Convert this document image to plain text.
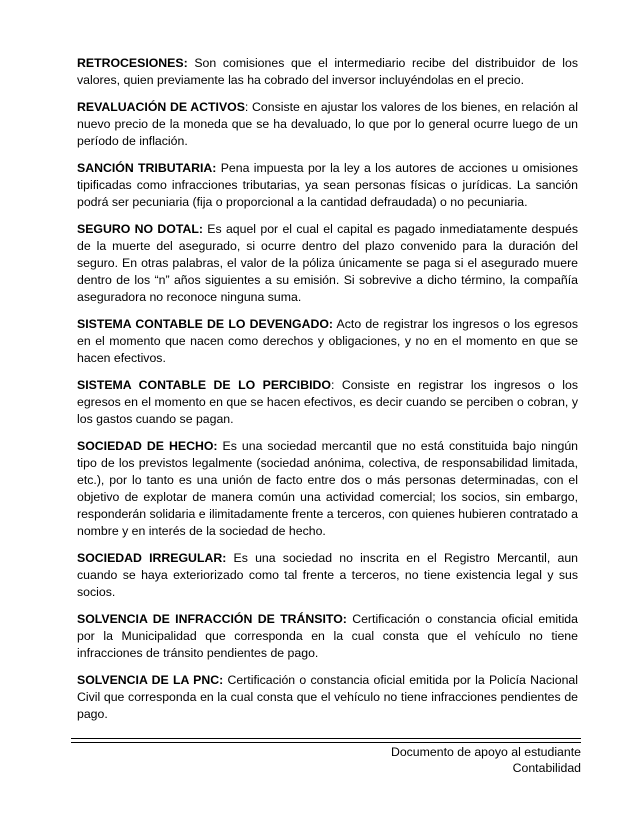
RETROCESIONES: Son comisiones que el intermediario recibe del distribuidor de los valores, quien previamente las ha cobrado del inversor incluyéndolas en el precio.

REVALUACIÓN DE ACTIVOS: Consiste en ajustar los valores de los bienes, en relación al nuevo precio de la moneda que se ha devaluado, lo que por lo general ocurre luego de un período de inflación.

SANCIÓN TRIBUTARIA: Pena impuesta por la ley a los autores de acciones u omisiones tipificadas como infracciones tributarias, ya sean personas físicas o jurídicas. La sanción podrá ser pecuniaria (fija o proporcional a la cantidad defraudada) o no pecuniaria.

SEGURO NO DOTAL: Es aquel por el cual el capital es pagado inmediatamente después de la muerte del asegurado, si ocurre dentro del plazo convenido para la duración del seguro. En otras palabras, el valor de la póliza únicamente se paga si el asegurado muere dentro de los “n” años siguientes a su emisión. Si sobrevive a dicho término, la compañía aseguradora no reconoce ninguna suma.

SISTEMA CONTABLE DE LO DEVENGADO: Acto de registrar los ingresos o los egresos en el momento que nacen como derechos y obligaciones, y no en el momento en que se hacen efectivos.

SISTEMA CONTABLE DE LO PERCIBIDO: Consiste en registrar los ingresos o los egresos en el momento en que se hacen efectivos, es decir cuando se perciben o cobran, y los gastos cuando se pagan.

SOCIEDAD DE HECHO: Es una sociedad mercantil que no está constituida bajo ningún tipo de los previstos legalmente (sociedad anónima, colectiva, de responsabilidad limitada, etc.), por lo tanto es una unión de facto entre dos o más personas determinadas, con el objetivo de explotar de manera común una actividad comercial; los socios, sin embargo, responderán solidaria e ilimitadamente frente a terceros, con quienes hubieren contratado a nombre y en interés de la sociedad de hecho.

SOCIEDAD IRREGULAR: Es una sociedad no inscrita en el Registro Mercantil, aun cuando se haya exteriorizado como tal frente a terceros, no tiene existencia legal y sus socios.

SOLVENCIA DE INFRACCIÓN DE TRÁNSITO: Certificación o constancia oficial emitida por la Municipalidad que corresponda en la cual consta que el vehículo no tiene infracciones de tránsito pendientes de pago.

SOLVENCIA DE LA PNC: Certificación o constancia oficial emitida por la Policía Nacional Civil que corresponda en la cual consta que el vehículo no tiene infracciones pendientes de pago.

Documento de apoyo al estudiante
Contabilidad
